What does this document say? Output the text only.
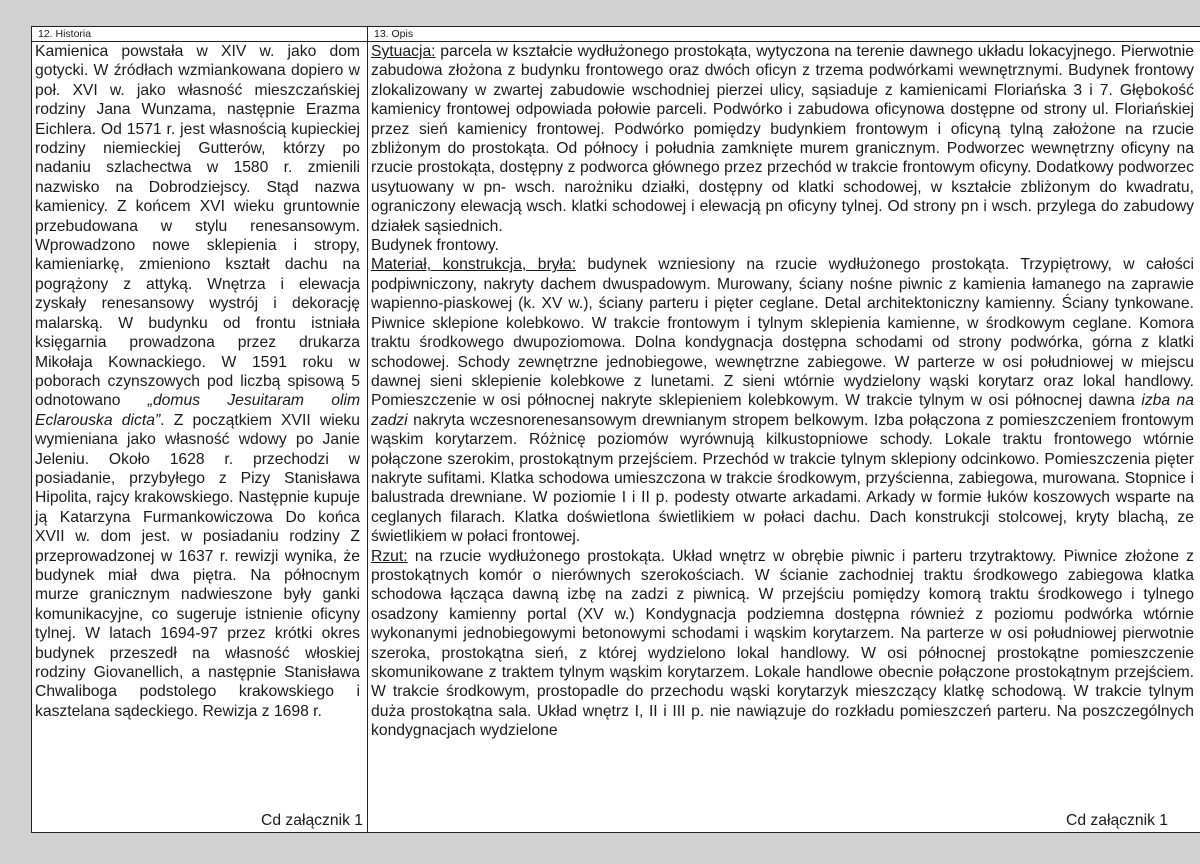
12. Historia

Kamienica powstała w XIV w. jako dom gotycki. W źródłach wzmiankowana dopiero w poł. XVI w. jako własność mieszczańskiej rodziny Jana Wunzama, następnie Erazma Eichlera. Od 1571 r. jest własnością kupieckiej rodziny niemieckiej Gutterów, którzy po nadaniu szlachectwa w 1580 r. zmienili nazwisko na Dobrodziejscy. Stąd nazwa kamienicy. Z końcem XVI wieku gruntownie przebudowana w stylu renesansowym. Wprowadzono nowe sklepienia i stropy, kamieniarkę, zmieniono kształt dachu na pogrążony z attyką. Wnętrza i elewacja zyskały renesansowy wystrój i dekorację malarską. W budynku od frontu istniała księgarnia prowadzona przez drukarza Mikołaja Kownackiego. W 1591 roku w poborach czynszowych pod liczbą spisową 5 odnotowano „domus Jesuitaram olim Eclarouska dicta”. Z początkiem XVII wieku wymieniana jako własność wdowy po Janie Jeleniu. Około 1628 r. przechodzi w posiadanie, przybyłego z Pizy Stanisława Hipolita, rajcy krakowskiego. Następnie kupuje ją Katarzyna Furmankowiczowa Do końca XVII w. dom jest. w posiadaniu rodziny Z przeprowadzonej w 1637 r. rewizji wynika, że budynek miał dwa piętra. Na północnym murze granicznym nadwieszone były ganki komunikacyjne, co sugeruje istnienie oficyny tylnej. W latach 1694-97 przez krótki okres budynek przeszedł na własność włoskiej rodziny Giovanellich, a następnie Stanisława Chwaliboga podstolego krakowskiego i kasztelana sądeckiego. Rewizja z 1698 r.

Cd załącznik 1
13. Opis

Sytuacja: parcela w kształcie wydłużonego prostokąta, wytyczona na terenie dawnego układu lokacyjnego. Pierwotnie zabudowa złożona z budynku frontowego oraz dwóch oficyn z trzema podwórkami wewnętrznymi. Budynek frontowy zlokalizowany w zwartej zabudowie wschodniej pierzei ulicy, sąsiaduje z kamienicami Floriańska 3 i 7. Głębokość kamienicy frontowej odpowiada połowie parceli. Podwórko i zabudowa oficynowa dostępne od strony ul. Floriańskiej przez sień kamienicy frontowej. Podwórko pomiędzy budynkiem frontowym i oficyną tylną założone na rzucie zbliżonym do prostokąta. Od północy i południa zamknięte murem granicznym. Podworzec wewnętrzny oficyny na rzucie prostokąta, dostępny z podworca głównego przez przechód w trakcie frontowym oficyny. Dodatkowy podworzec usytuowany w pn- wsch. narożniku działki, dostępny od klatki schodowej, w kształcie zbliżonym do kwadratu, ograniczony elewacją wsch. klatki schodowej i elewacją pn oficyny tylnej. Od strony pn i wsch. przylega do zabudowy działek sąsiednich.

Budynek frontowy.

Materiał, konstrukcja, bryła: budynek wzniesiony na rzucie wydłużonego prostokąta. Trzypiętrowy, w całości podpiwniczony, nakryty dachem dwuspadowym. Murowany, ściany nośne piwnic z kamienia łamanego na zaprawie wapienno-piaskowej (k. XV w.), ściany parteru i pięter ceglane. Detal architektoniczny kamienny. Ściany tynkowane. Piwnice sklepione kolebkowo. W trakcie frontowym i tylnym sklepienia kamienne, w środkowym ceglane. Komora traktu środkowego dwupoziomowa. Dolna kondygnacja dostępna schodami od strony podwórka, górna z klatki schodowej. Schody zewnętrzne jednobiegowe, wewnętrzne zabiegowe. W parterze w osi południowej w miejscu dawnej sieni sklepienie kolebkowe z lunetami. Z sieni wtórnie wydzielony wąski korytarz oraz lokal handlowy. Pomieszczenie w osi północnej nakryte sklepieniem kolebkowym. W trakcie tylnym w osi północnej dawna izba na zadzi nakryta wczesnorenesansowym drewnianym stropem belkowym. Izba połączona z pomieszczeniem frontowym wąskim korytarzem. Różnicę poziomów wyrównują kilkustopniowe schody. Lokale traktu frontowego wtórnie połączone szerokim, prostokątnym przejściem. Przechód w trakcie tylnym sklepiony odcinkowo. Pomieszczenia pięter nakryte sufitami. Klatka schodowa umieszczona w trakcie środkowym, przyścienna, zabiegowa, murowana. Stopnice i balustrada drewniane. W poziomie I i II p. podesty otwarte arkadami. Arkady w formie łuków koszowych wsparte na ceglanych filarach. Klatka doświetlona świetlikiem w połaci dachu. Dach konstrukcji stolcowej, kryty blachą, ze świetlikiem w połaci frontowej.

Rzut: na rzucie wydłużonego prostokąta. Układ wnętrz w obrębie piwnic i parteru trzytraktowy. Piwnice złożone z prostokątnych komór o nierównych szerokościach. W ścianie zachodniej traktu środkowego zabiegowa klatka schodowa łącząca dawną izbę na zadzi z piwnicą. W przejściu pomiędzy komorą traktu środkowego i tylnego osadzony kamienny portal (XV w.) Kondygnacja podziemna dostępna również z poziomu podwórka wtórnie wykonanymi jednobiegowymi betonowymi schodami i wąskim korytarzem. Na parterze w osi południowej pierwotnie szeroka, prostokątna sień, z której wydzielono lokal handlowy. W osi północnej prostokątne pomieszczenie skomunikowane z traktem tylnym wąskim korytarzem. Lokale handlowe obecnie połączone prostokątnym przejściem. W trakcie środkowym, prostopadle do przechodu wąski korytarzyk mieszczący klatkę schodową. W trakcie tylnym duża prostokątna sala. Układ wnętrz I, II i III p. nie nawiązuje do rozkładu pomieszczeń parteru. Na poszczególnych kondygnacjach wydzielone

Cd załącznik 1
